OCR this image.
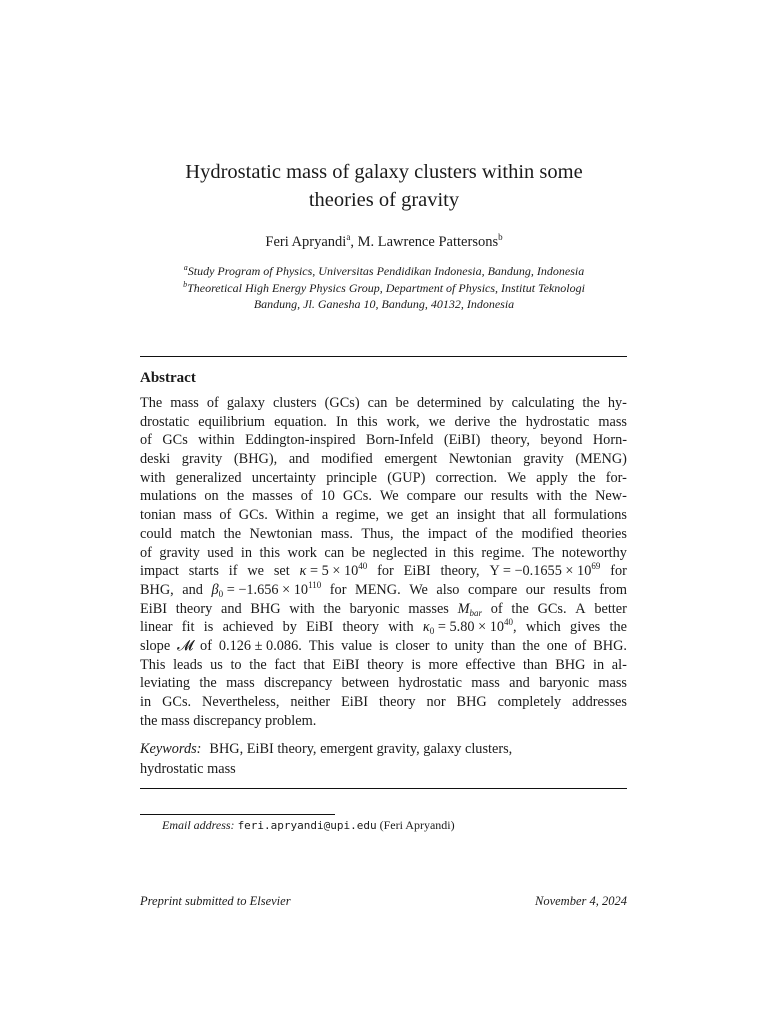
Hydrostatic mass of galaxy clusters within some
theories of gravity
Feri Apryandi$^a$, M. Lawrence Pattersons$^b$
$^a$Study Program of Physics, Universitas Pendidikan Indonesia, Bandung, Indonesia
$^b$Theoretical High Energy Physics Group, Department of Physics, Institut Teknologi
Bandung, Jl. Ganesha 10, Bandung, 40132, Indonesia
Abstract
The mass of galaxy clusters (GCs) can be determined by calculating the hy-
drostatic equilibrium equation. In this work, we derive the hydrostatic mass
of GCs within Eddington-inspired Born-Infeld (EiBI) theory, beyond Horn-
deski gravity (BHG), and modified emergent Newtonian gravity (MENG)
with generalized uncertainty principle (GUP) correction. We apply the for-
mulations on the masses of 10 GCs. We compare our results with the New-
tonian mass of GCs. Within a regime, we get an insight that all formulations
could match the Newtonian mass. Thus, the impact of the modified theories
of gravity used in this work can be neglected in this regime. The noteworthy
impact starts if we set $\kappa = 5 \times 10^{40}$ for EiBI theory, $\Upsilon = -0.1655 \times 10^{69}$ for
BHG, and $\beta_0 = -1.656 \times 10^{110}$ for MENG. We also compare our results from
EiBI theory and BHG with the baryonic masses $M_{bar}$ of the GCs. A better
linear fit is achieved by EiBI theory with $\kappa_0 = 5.80 \times 10^{40}$, which gives the
slope 𝓜 of 0.126 ± 0.086. This value is closer to unity than the one of BHG.
This leads us to the fact that EiBI theory is more effective than BHG in al-
leviating the mass discrepancy between hydrostatic mass and baryonic mass
in GCs. Nevertheless, neither EiBI theory nor BHG completely addresses
the mass discrepancy problem.
Keywords: BHG, EiBI theory, emergent gravity, galaxy clusters,
hydrostatic mass
Email address: feri.apryandi@upi.edu (Feri Apryandi)
Preprint submitted to Elsevier	November 4, 2024
